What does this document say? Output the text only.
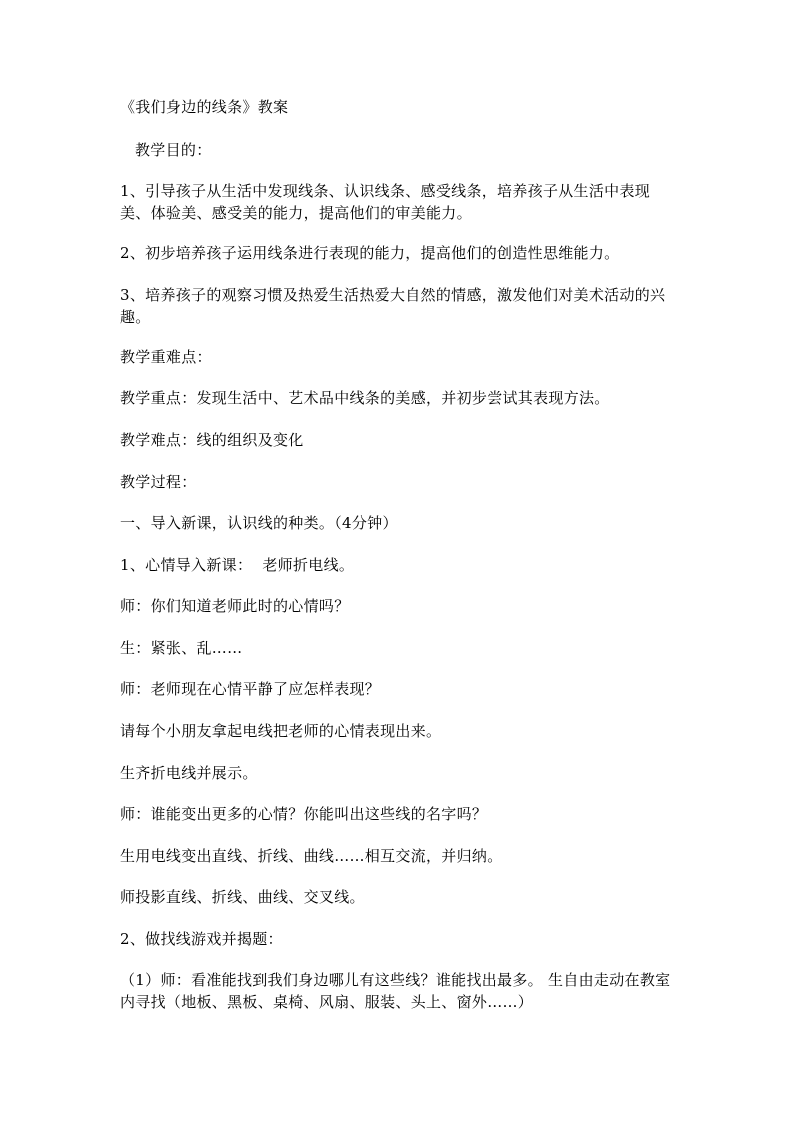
《我们身边的线条》教案
教学目的：
1、引导孩子从生活中发现线条、认识线条、感受线条，培养孩子从生活中表现美、体验美、感受美的能力，提高他们的审美能力。
2、初步培养孩子运用线条进行表现的能力，提高他们的创造性思维能力。
3、培养孩子的观察习惯及热爱生活热爱大自然的情感，激发他们对美术活动的兴趣。
教学重难点：
教学重点：发现生活中、艺术品中线条的美感，并初步尝试其表现方法。
教学难点：线的组织及变化
教学过程：
一、导入新课，认识线的种类。（4分钟）
1、心情导入新课：  老师折电线。
师：你们知道老师此时的心情吗？
生：紧张、乱……
师：老师现在心情平静了应怎样表现？
请每个小朋友拿起电线把老师的心情表现出来。
生齐折电线并展示。
师：谁能变出更多的心情？你能叫出这些线的名字吗？
生用电线变出直线、折线、曲线……相互交流，并归纳。
师投影直线、折线、曲线、交叉线。
2、做找线游戏并揭题：
（1）师：看准能找到我们身边哪儿有这些线？谁能找出最多。 生自由走动在教室内寻找（地板、黑板、桌椅、风扇、服装、头上、窗外……）
